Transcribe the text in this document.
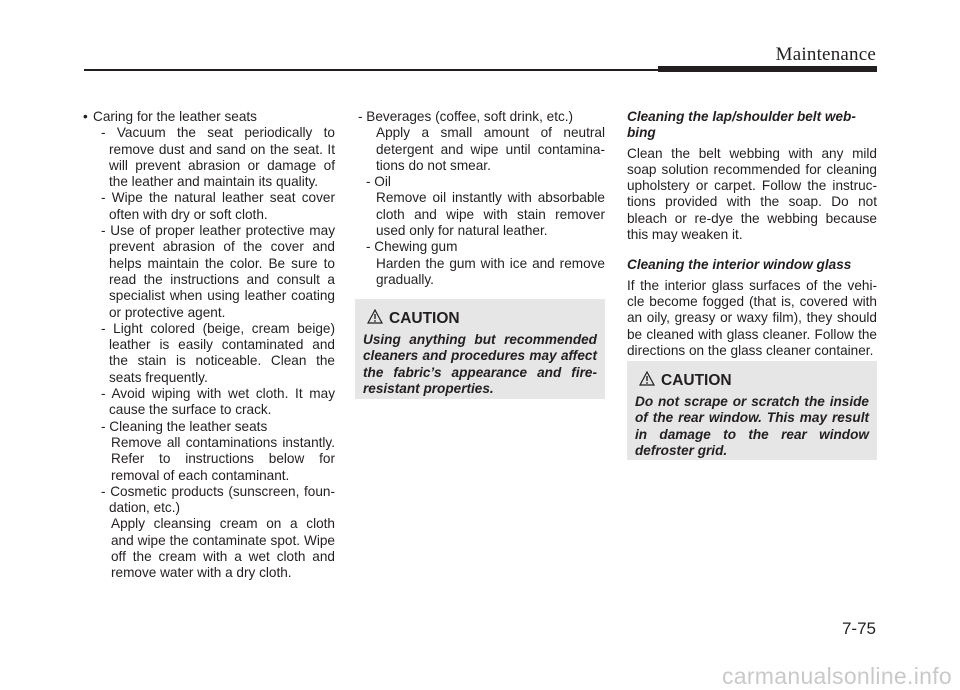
Maintenance
• Caring for the leather seats

- Vacuum the seat periodically to remove dust and sand on the seat. It will prevent abrasion or damage of the leather and maintain its quality.

- Wipe the natural leather seat cover often with dry or soft cloth.

- Use of proper leather protective may prevent abrasion of the cover and helps maintain the color. Be sure to read the instructions and consult a specialist when using leather coating or protective agent.

- Light colored (beige, cream beige) leather is easily contaminated and the stain is noticeable. Clean the seats frequently.

- Avoid wiping with wet cloth. It may cause the surface to crack.

- Cleaning the leather seats

Remove all contaminations instantly. Refer to instructions below for removal of each contaminant.

- Cosmetic products (sunscreen, foun-dation, etc.)

Apply cleansing cream on a cloth and wipe the contaminate spot. Wipe off the cream with a wet cloth and remove water with a dry cloth.

- Beverages (coffee, soft drink, etc.)

Apply a small amount of neutral detergent and wipe until contamina-tions do not smear.

- Oil

Remove oil instantly with absorbable cloth and wipe with stain remover used only for natural leather.

- Chewing gum

Harden the gum with ice and remove gradually.

CAUTION

Using anything but recommended cleaners and procedures may affect the fabric’s appearance and fire-resistant properties.

Cleaning the lap/shoulder belt web-bing

Clean the belt webbing with any mild soap solution recommended for cleaning upholstery or carpet. Follow the instruc-tions provided with the soap. Do not bleach or re-dye the webbing because this may weaken it.

Cleaning the interior window glass

If the interior glass surfaces of the vehi-cle become fogged (that is, covered with an oily, greasy or waxy film), they should be cleaned with glass cleaner. Follow the directions on the glass cleaner container.

CAUTION

Do not scrape or scratch the inside of the rear window. This may result in damage to the rear window defroster grid.

7-75
carmanualsonline.info
